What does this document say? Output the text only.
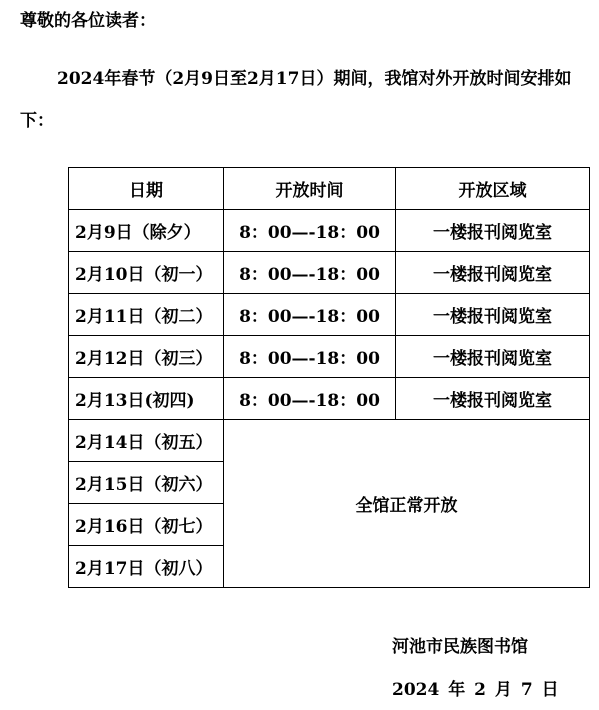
尊敬的各位读者：
2024年春节（2月9日至2月17日）期间，我馆对外开放时间安排如下：
日期	开放时间	开放区域
2月9日（除夕）	8：00—-18：00	一楼报刊阅览室
2月10日（初一）	8：00—-18：00	一楼报刊阅览室
2月11日（初二）	8：00—-18：00	一楼报刊阅览室
2月12日（初三）	8：00—-18：00	一楼报刊阅览室
2月13日(初四)	8：00—-18：00	一楼报刊阅览室
2月14日（初五）	全馆正常开放	
2月15日（初六）		
2月16日（初七）		
2月17日（初八）		
河池市民族图书馆
2024 年 2 月 7 日
